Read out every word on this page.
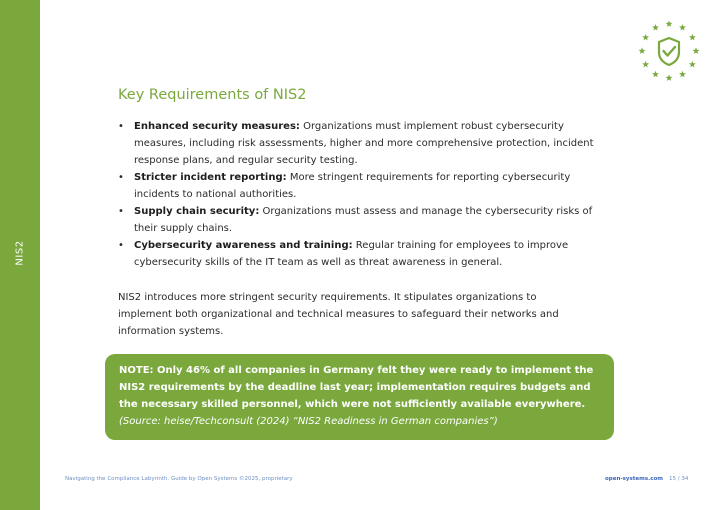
NIS2
Key Requirements of NIS2
• Enhanced security measures: Organizations must implement robust cybersecurity measures, including risk assessments, higher and more comprehensive protection, incident response plans, and regular security testing.
• Stricter incident reporting: More stringent requirements for reporting cybersecurity incidents to national authorities.
• Supply chain security: Organizations must assess and manage the cybersecurity risks of their supply chains.
• Cybersecurity awareness and training: Regular training for employees to improve cybersecurity skills of the IT team as well as threat awareness in general.

NIS2 introduces more stringent security requirements. It stipulates organizations to implement both organizational and technical measures to safeguard their networks and information systems.

NOTE: Only 46% of all companies in Germany felt they were ready to implement the NIS2 requirements by the deadline last year; implementation requires budgets and the necessary skilled personnel, which were not sufficiently available everywhere.
(Source: heise/Techconsult (2024) “NIS2 Readiness in German companies”)
Navigating the Compliance Labyrinth. Guide by Open Systems ©2025, proprietary	open-systems.com 15 / 34
